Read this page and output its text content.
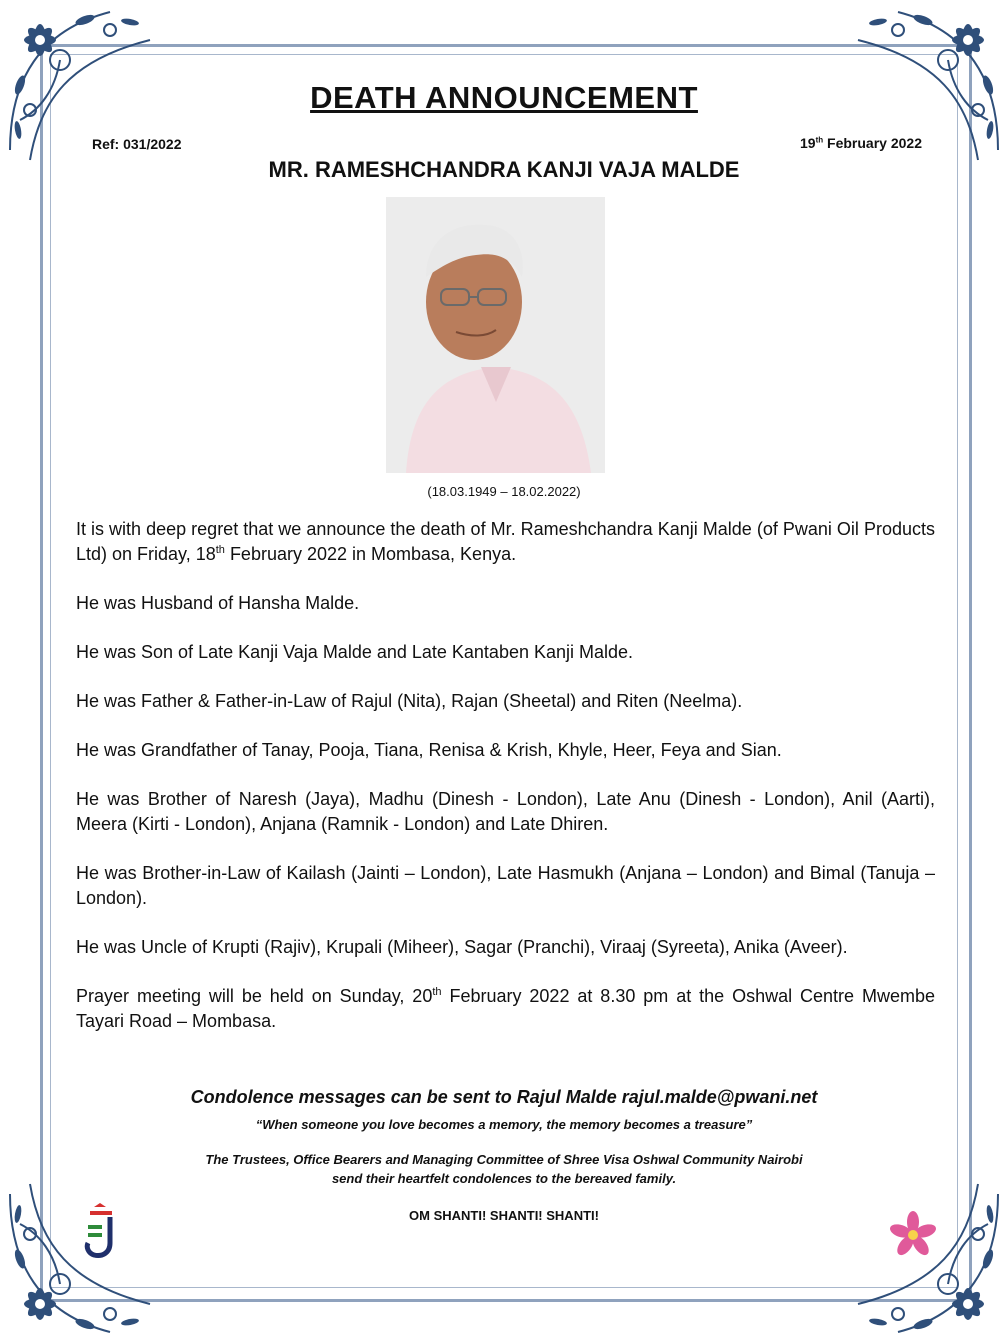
DEATH ANNOUNCEMENT
Ref: 031/2022	19th February 2022
MR. RAMESHCHANDRA KANJI VAJA MALDE
(18.03.1949 – 18.02.2022)

It is with deep regret that we announce the death of Mr. Rameshchandra Kanji Malde (of Pwani Oil Products Ltd) on Friday, 18th February 2022 in Mombasa, Kenya.

He was Husband of Hansha Malde.

He was Son of Late Kanji Vaja Malde and Late Kantaben Kanji Malde.

He was Father & Father-in-Law of Rajul (Nita), Rajan (Sheetal) and Riten (Neelma).

He was Grandfather of Tanay, Pooja, Tiana, Renisa & Krish, Khyle, Heer, Feya and Sian.

He was Brother of Naresh (Jaya), Madhu (Dinesh - London), Late Anu (Dinesh - London), Anil (Aarti), Meera (Kirti - London), Anjana (Ramnik - London) and Late Dhiren.

He was Brother-in-Law of Kailash (Jainti – London), Late Hasmukh (Anjana – London) and Bimal (Tanuja – London).

He was Uncle of Krupti (Rajiv), Krupali (Miheer), Sagar (Pranchi), Viraaj (Syreeta), Anika (Aveer).

Prayer meeting will be held on Sunday, 20th February 2022 at 8.30 pm at the Oshwal Centre Mwembe Tayari Road – Mombasa.

Condolence messages can be sent to Rajul Malde rajul.malde@pwani.net
“When someone you love becomes a memory, the memory becomes a treasure”
The Trustees, Office Bearers and Managing Committee of Shree Visa Oshwal Community Nairobi
send their heartfelt condolences to the bereaved family.
OM SHANTI! SHANTI! SHANTI!
